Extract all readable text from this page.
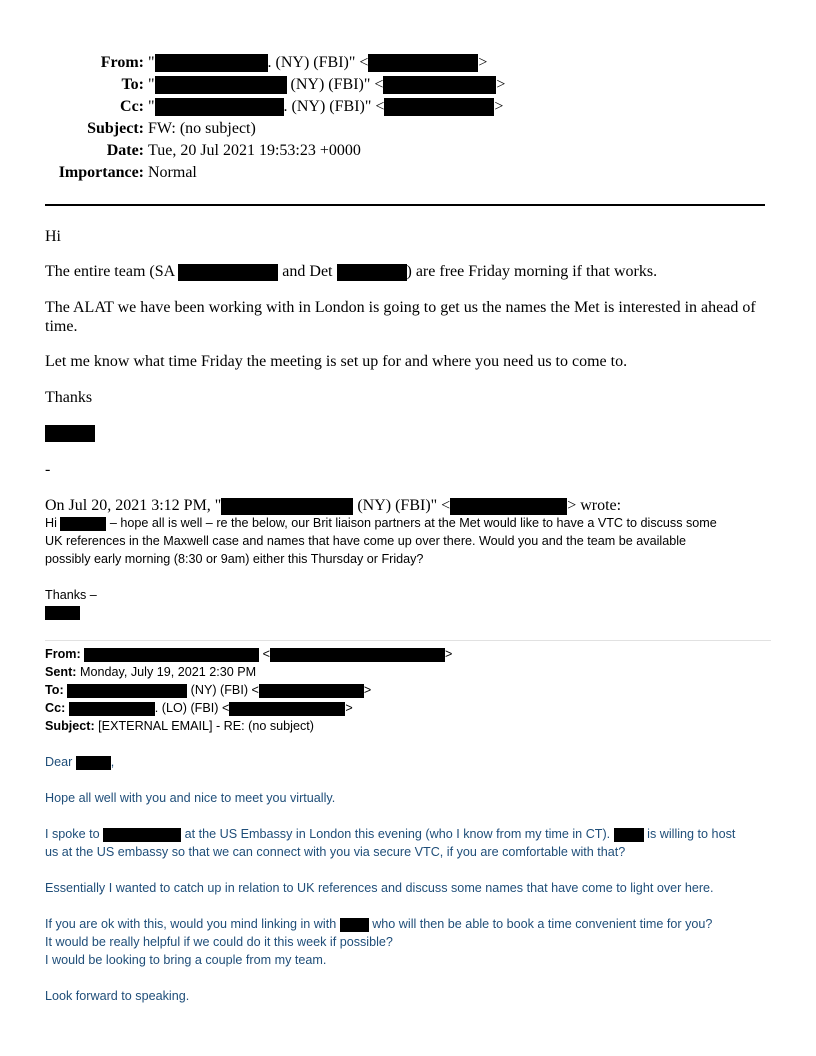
From: "	. (NY) (FBI)" <	>
To: "	(NY) (FBI)" <	>
Cc: "	. (NY) (FBI)" <	>
Subject: FW: (no subject)
Date: Tue, 20 Jul 2021 19:53:23 +0000
Importance: Normal
Hi
The entire team (SA	and Det	) are free Friday morning if that works.
The ALAT we have been working with in London is going to get us the names the Met is interested in ahead of time.
Let me know what time Friday the meeting is set up for and where you need us to come to.
Thanks
-
On Jul 20, 2021 3:12 PM, "	(NY) (FBI)" <	> wrote:
Hi	– hope all is well – re the below, our Brit liaison partners at the Met would like to have a VTC to discuss some
UK references in the Maxwell case and names that have come up over there. Would you and the team be available
possibly early morning (8:30 or 9am) either this Thursday or Friday?
Thanks –
From:	<	>
Sent: Monday, July 19, 2021 2:30 PM
To:	(NY) (FBI) <	>
Cc:	. (LO) (FBI) <	>
Subject: [EXTERNAL EMAIL] - RE: (no subject)
Dear	,
Hope all well with you and nice to meet you virtually.
I spoke to	at the US Embassy in London this evening (who I know from my time in CT).  is willing to host
us at the US embassy so that we can connect with you via secure VTC, if you are comfortable with that?
Essentially I wanted to catch up in relation to UK references and discuss some names that have come to light over here.
If you are ok with this, would you mind linking in with  who will then be able to book a time convenient time for you?
It would be really helpful if we could do it this week if possible?
I would be looking to bring a couple from my team.
Look forward to speaking.
